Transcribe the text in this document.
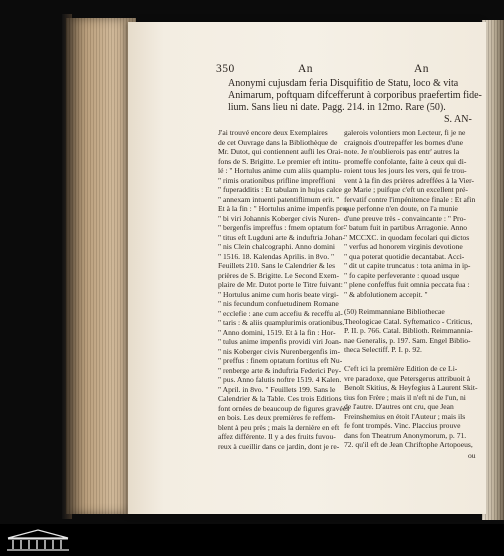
350	An	An
Anonymi cujusdam feria Disquifitio de Statu, loco & vita
Animarum, poftquam difcefferunt à corporibus praefertim fide-
lium. Sans lieu ni date. Pagg. 214. in 12mo. Rare (50).
S. AN-
J'ai trouvé encore deux Exemplaires
de cet Ouvrage dans la Bibliothèque de
Mr. Dutot, qui contiennent aufli les Orai-
fons de S. Brigitte. Le premier eft intitu-
lé : " Hortulus anime cum aliis quamplu-
" rimis orationibus prifline impreffioni
" fuperadditis : Et tabulam in hujus calce
" annexam intuenti patentiflimum erit. "
Et à la fin : " Hortulus anime impenfis pro-
" bi viri Johannis Koberger civis Nuren-
" bergenfis impreffus : fmem optatum for-
" titus eft Lugduni arte & induftria Johan-
" nis Clein chalcographi. Anno domini
" 1516. 18. Kalendas Aprilis. in 8vo. "
Feuillets 210. Sans le Calendrier & les
prières de S. Brigitte. Le Second Exem-
plaire de Mr. Dutot porte le Titre fuivant:
" Hortulus anime cum horis beate virgi-
" nis fecundum confuetudinem Romane
" ecclefie : ane cum accefiu & receffu al-
" taris : & aliis quamplurimis orationibus.
" Anno domini, 1519. Et à la fin : Hor-
" tulus anime impenfis providi viri Joan-
" nis Koberger civis Nurenbergenfis im-
" preffus : finem optatum fortitus eft Nu-
" renberge arte & induftria Federici Pey-
" pus. Anno falutis noftre 1519. 4 Kalen.
" April. in 8vo. " Feuillets 199. Sans le
Calendrier & la Table. Ces trois Editions
font ornées de beaucoup de figures gravées
en bois. Les deux premières fe reffem-
blent à peu près ; mais la dernière en eft
affez différente. Il y a des fruits fuvou-
reux à cueillir dans ce jardin, dont je re-
galerois volontiers mon Lecteur, fi je ne
craignois d'outrepaffer les bornes d'une
note. Je n'oublierois pas entr' autres la
promeffe confolante, faite à ceux qui di-
roient tous les jours les vers, qui fe trou-
vent à la fin des prières adreffées à la Vier-
ge Marie ; puifque c'eft un excellent pré-
fervatif contre l'impénitence finale : Et afin
que perfonne n'en doute, on l'a munie
d'une preuve très - convaincante : " Pro-
" batum fuit in partibus Arragonie. Anno
" MCCXC. in quodam fecolari qui dictos
" verfus ad honorem virginis devotione
" qua poterat quotidie decantabat. Acci-
" dit ut capite truncatus : tota anima in ip-
" fo capite perfeverante : quoad usque
" plene confeffus fuit omnia peccata fua :
" & abfolutionem accepit. "
(50) Reimmanniane Bibliothecae
Theologicae Catal. Syftematico - Criticus,
P. II. p. 766. Catal. Biblioth. Reimmannia-
nae Generalis, p. 197. Sam. Engel Biblio-
theca Selectiff. P. I. p. 92.
C'eft ici la première Edition de ce Li-
vre paradoxe, que Petersgerus attribuoit à
Benoît Skitius, & Heyfegius à Laurent Skit-
tius fon Frère ; mais il n'eft ni de l'un, ni
de l'autre. D'autres ont cru, que Jean
Freinshemius en étoit l'Auteur ; mais ils
fe font trompés. Vinc. Placcius prouve
dans fon Theatrum Anonymorum, p. 71.
72. qu'il eft de Jean Chriftophe Artopoeus,
ou
